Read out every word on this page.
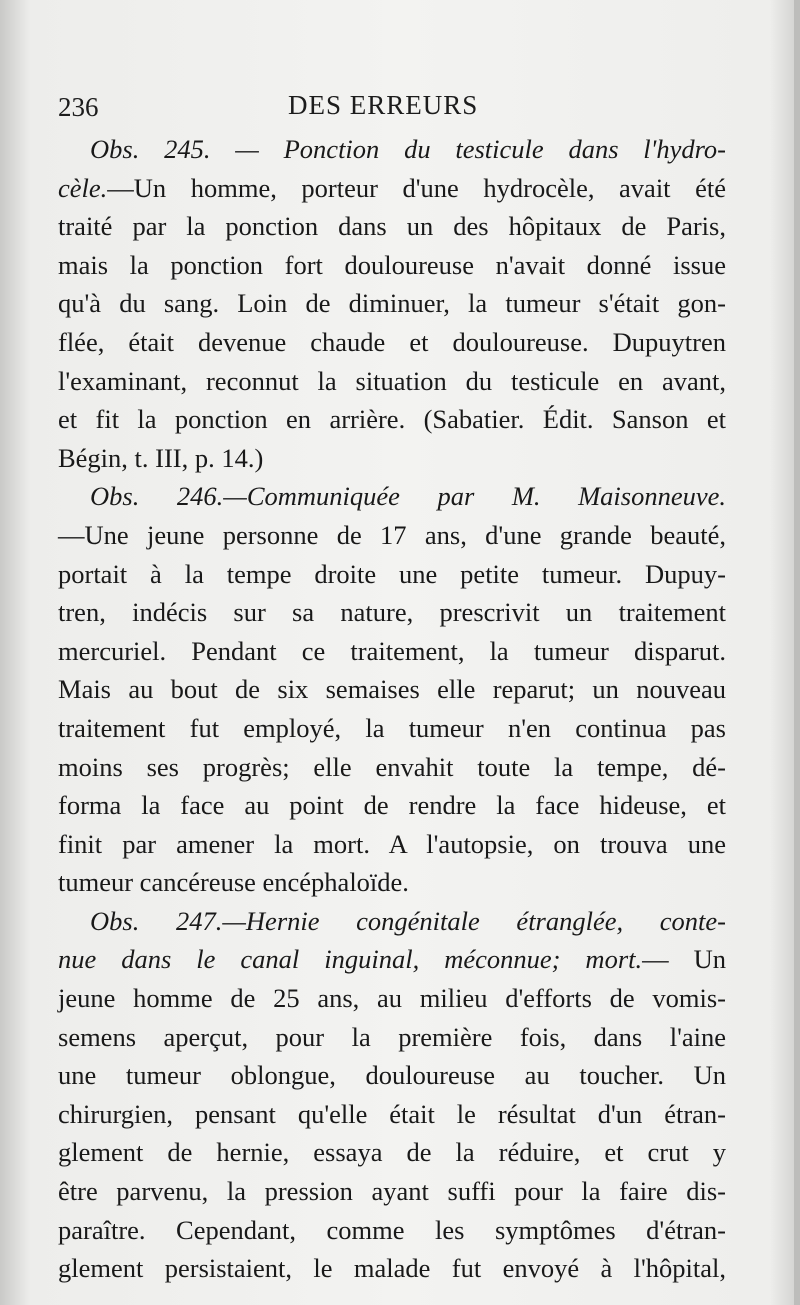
236	DES ERREURS
Obs. 245. — Ponction du testicule dans l'hydro-
cèle.—Un homme, porteur d'une hydrocèle, avait été
traité par la ponction dans un des hôpitaux de Paris,
mais la ponction fort douloureuse n'avait donné issue
qu'à du sang. Loin de diminuer, la tumeur s'était gon-
flée, était devenue chaude et douloureuse. Dupuytren
l'examinant, reconnut la situation du testicule en avant,
et fit la ponction en arrière. (Sabatier. Édit. Sanson et
Bégin, t. III, p. 14.)
Obs. 246.—Communiquée par M. Maisonneuve.
—Une jeune personne de 17 ans, d'une grande beauté,
portait à la tempe droite une petite tumeur. Dupuy-
tren, indécis sur sa nature, prescrivit un traitement
mercuriel. Pendant ce traitement, la tumeur disparut.
Mais au bout de six semaises elle reparut; un nouveau
traitement fut employé, la tumeur n'en continua pas
moins ses progrès; elle envahit toute la tempe, dé-
forma la face au point de rendre la face hideuse, et
finit par amener la mort. A l'autopsie, on trouva une
tumeur cancéreuse encéphaloïde.
Obs. 247.—Hernie congénitale étranglée, conte-
nue dans le canal inguinal, méconnue; mort.— Un
jeune homme de 25 ans, au milieu d'efforts de vomis-
semens aperçut, pour la première fois, dans l'aine
une tumeur oblongue, douloureuse au toucher. Un
chirurgien, pensant qu'elle était le résultat d'un étran-
glement de hernie, essaya de la réduire, et crut y
être parvenu, la pression ayant suffi pour la faire dis-
paraître. Cependant, comme les symptômes d'étran-
glement persistaient, le malade fut envoyé à l'hôpital,
